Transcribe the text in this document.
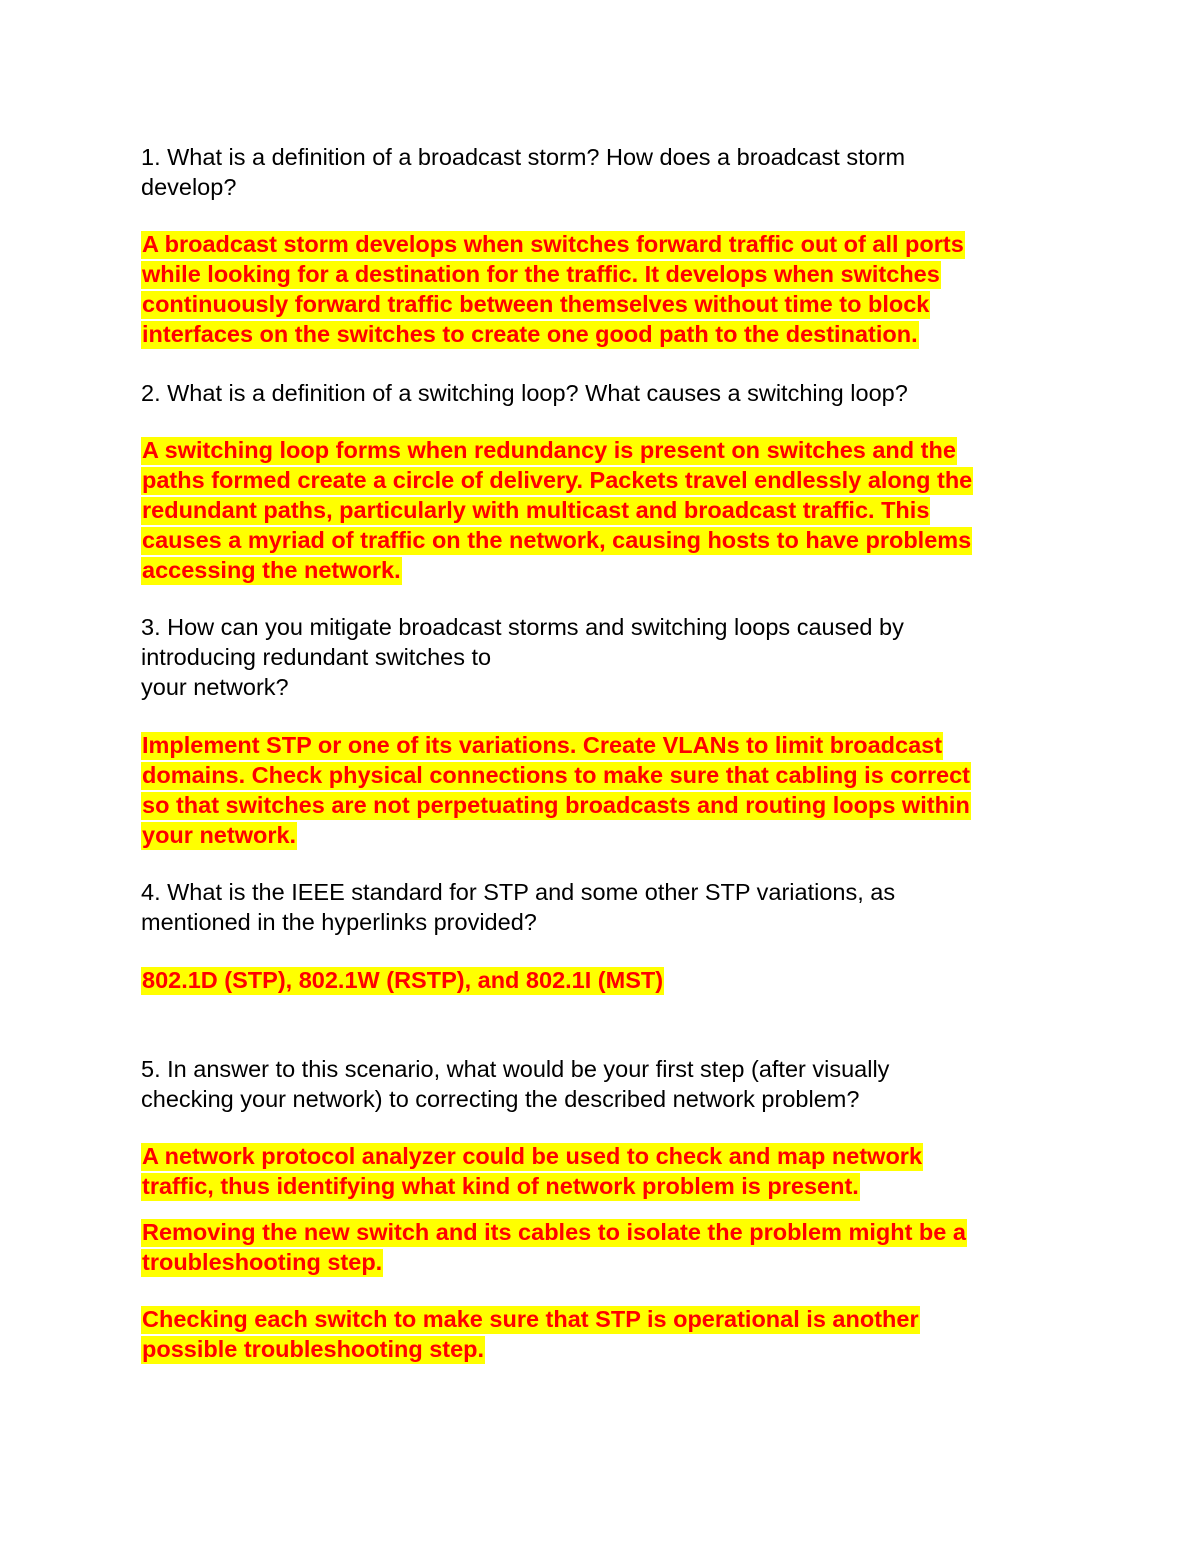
1. What is a definition of a broadcast storm? How does a broadcast storm
develop?
A broadcast storm develops when switches forward traffic out of all ports
while looking for a destination for the traffic. It develops when switches
continuously forward traffic between themselves without time to block
interfaces on the switches to create one good path to the destination.
2. What is a definition of a switching loop? What causes a switching loop?
A switching loop forms when redundancy is present on switches and the
paths formed create a circle of delivery. Packets travel endlessly along the
redundant paths, particularly with multicast and broadcast traffic. This
causes a myriad of traffic on the network, causing hosts to have problems
accessing the network.
3. How can you mitigate broadcast storms and switching loops caused by
introducing redundant switches to
your network?
Implement STP or one of its variations. Create VLANs to limit broadcast
domains. Check physical connections to make sure that cabling is correct
so that switches are not perpetuating broadcasts and routing loops within
your network.
4. What is the IEEE standard for STP and some other STP variations, as
mentioned in the hyperlinks provided?
802.1D (STP), 802.1W (RSTP), and 802.1I (MST)
5. In answer to this scenario, what would be your first step (after visually
checking your network) to correcting the described network problem?
A network protocol analyzer could be used to check and map network
traffic, thus identifying what kind of network problem is present.
Removing the new switch and its cables to isolate the problem might be a
troubleshooting step.
Checking each switch to make sure that STP is operational is another
possible troubleshooting step.
